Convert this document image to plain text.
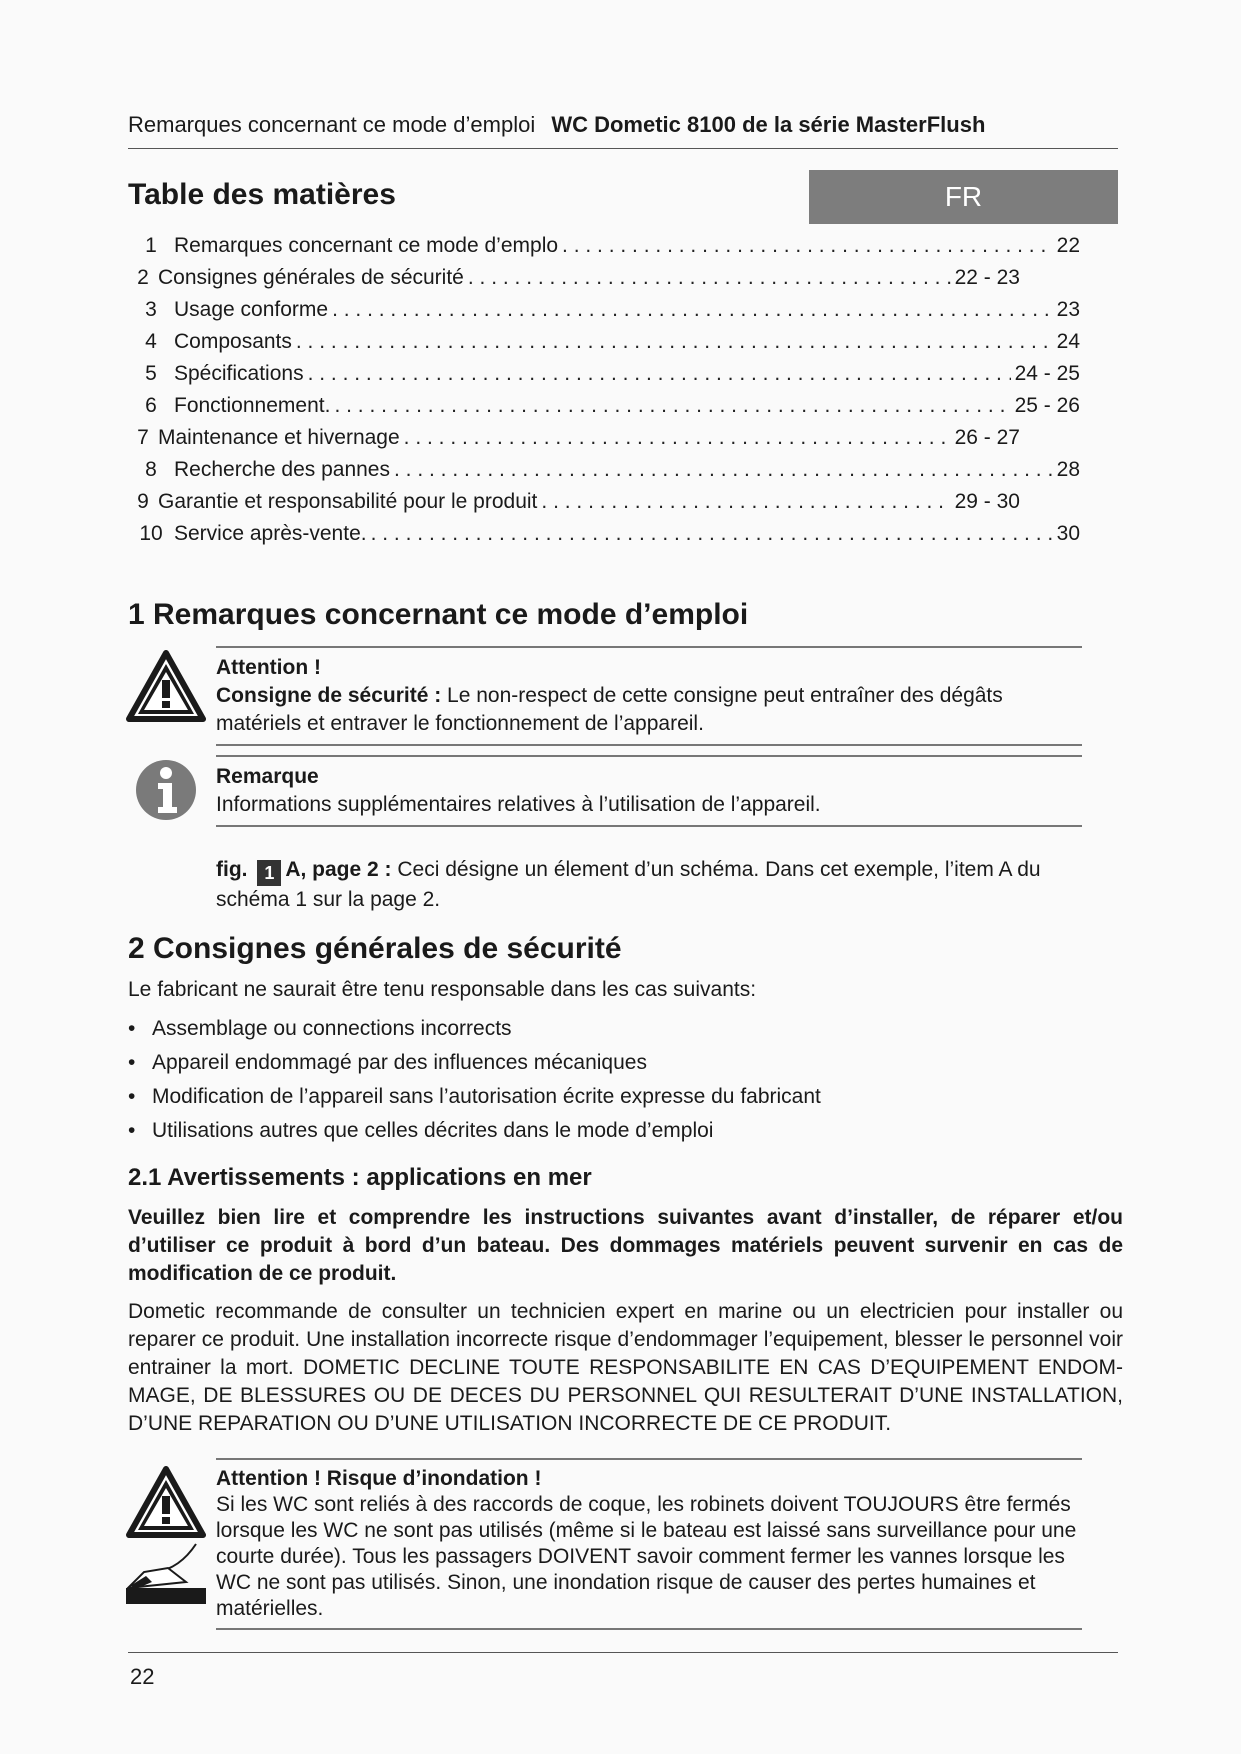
Remarques concernant ce mode d’emploi WC Dometic 8100 de la série MasterFlush
Table des matières	FR
1 Remarques concernant ce mode d’emplo . . .	22
2 Consignes générales de sécurité . . .	22 - 23
3 Usage conforme . . .	23
4 Composants . . .	24
5 Spécifications . . .	24 - 25
6 Fonctionnement. . . .	25 - 26
7 Maintenance et hivernage . . .	26 - 27
8 Recherche des pannes . . .	28
9 Garantie et responsabilité pour le produit . . .	29 - 30
10 Service après-vente. . . .	30
1 Remarques concernant ce mode d’emploi
Attention !
Consigne de sécurité : Le non-respect de cette consigne peut entraîner des dégâts matériels et entraver le fonctionnement de l’appareil.
Remarque
Informations supplémentaires relatives à l’utilisation de l’appareil.
fig. 1 A, page 2 : Ceci désigne un élement d’un schéma. Dans cet exemple, l’item A du schéma 1 sur la page 2.
2 Consignes générales de sécurité
Le fabricant ne saurait être tenu responsable dans les cas suivants:
• Assemblage ou connections incorrects
• Appareil endommagé par des influences mécaniques
• Modification de l’appareil sans l’autorisation écrite expresse du fabricant
• Utilisations autres que celles décrites dans le mode d’emploi
2.1 Avertissements : applications en mer
Veuillez bien lire et comprendre les instructions suivantes avant d’installer, de réparer et/ou d’utiliser ce produit à bord d’un bateau. Des dommages matériels peuvent survenir en cas de modification de ce produit.
Dometic recommande de consulter un technicien expert en marine ou un electricien pour installer ou reparer ce produit. Une installation incorrecte risque d’endommager l’equipement, blesser le personnel voir entrainer la mort. DOMETIC DECLINE TOUTE RESPONSABILITE EN CAS D’EQUIPEMENT ENDOM-MAGE, DE BLESSURES OU DE DECES DU PERSONNEL QUI RESULTERAIT D’UNE INSTALLATION, D’UNE REPARATION OU D’UNE UTILISATION INCORRECTE DE CE PRODUIT.
Attention ! Risque d’inondation !
Si les WC sont reliés à des raccords de coque, les robinets doivent TOUJOURS être fermés lorsque les WC ne sont pas utilisés (même si le bateau est laissé sans surveillance pour une courte durée). Tous les passagers DOIVENT savoir comment fermer les vannes lorsque les WC ne sont pas utilisés. Sinon, une inondation risque de causer des pertes humaines et matérielles.
22
